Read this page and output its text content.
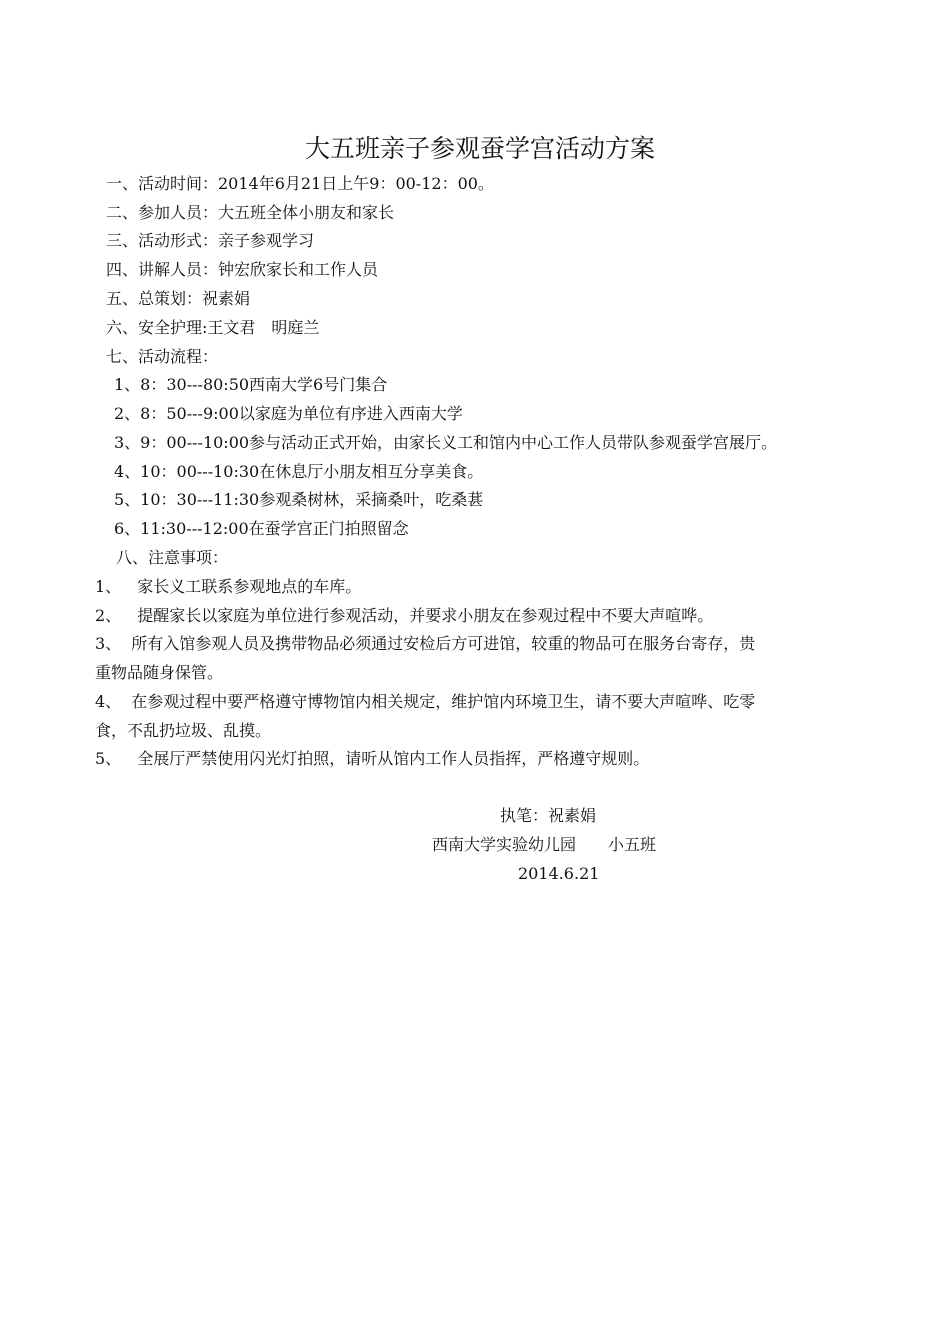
大五班亲子参观蚕学宫活动方案
一、活动时间：2014年6月21日上午9：00-12：00。
二、参加人员：大五班全体小朋友和家长
三、活动形式：亲子参观学习
四、讲解人员：钟宏欣家长和工作人员
五、总策划：祝素娟
六、安全护理:王文君　明庭兰
七、活动流程：
1、8：30---80:50西南大学6号门集合
2、8：50---9:00以家庭为单位有序进入西南大学
3、9：00---10:00参与活动正式开始，由家长义工和馆内中心工作人员带队参观蚕学宫展厅。
4、10：00---10:30在休息厅小朋友相互分享美食。
5、10：30---11:30参观桑树林，采摘桑叶，吃桑葚
6、11:30---12:00在蚕学宫正门拍照留念
八、注意事项：
1、 家长义工联系参观地点的车库。
2、 提醒家长以家庭为单位进行参观活动，并要求小朋友在参观过程中不要大声喧哗。
3、 所有入馆参观人员及携带物品必须通过安检后方可进馆，较重的物品可在服务台寄存，贵
重物品随身保管。
4、 在参观过程中要严格遵守博物馆内相关规定，维护馆内环境卫生，请不要大声喧哗、吃零
食，不乱扔垃圾、乱摸。
5、 全展厅严禁使用闪光灯拍照，请听从馆内工作人员指挥，严格遵守规则。
执笔：祝素娟
西南大学实验幼儿园　　小五班
2014.6.21
